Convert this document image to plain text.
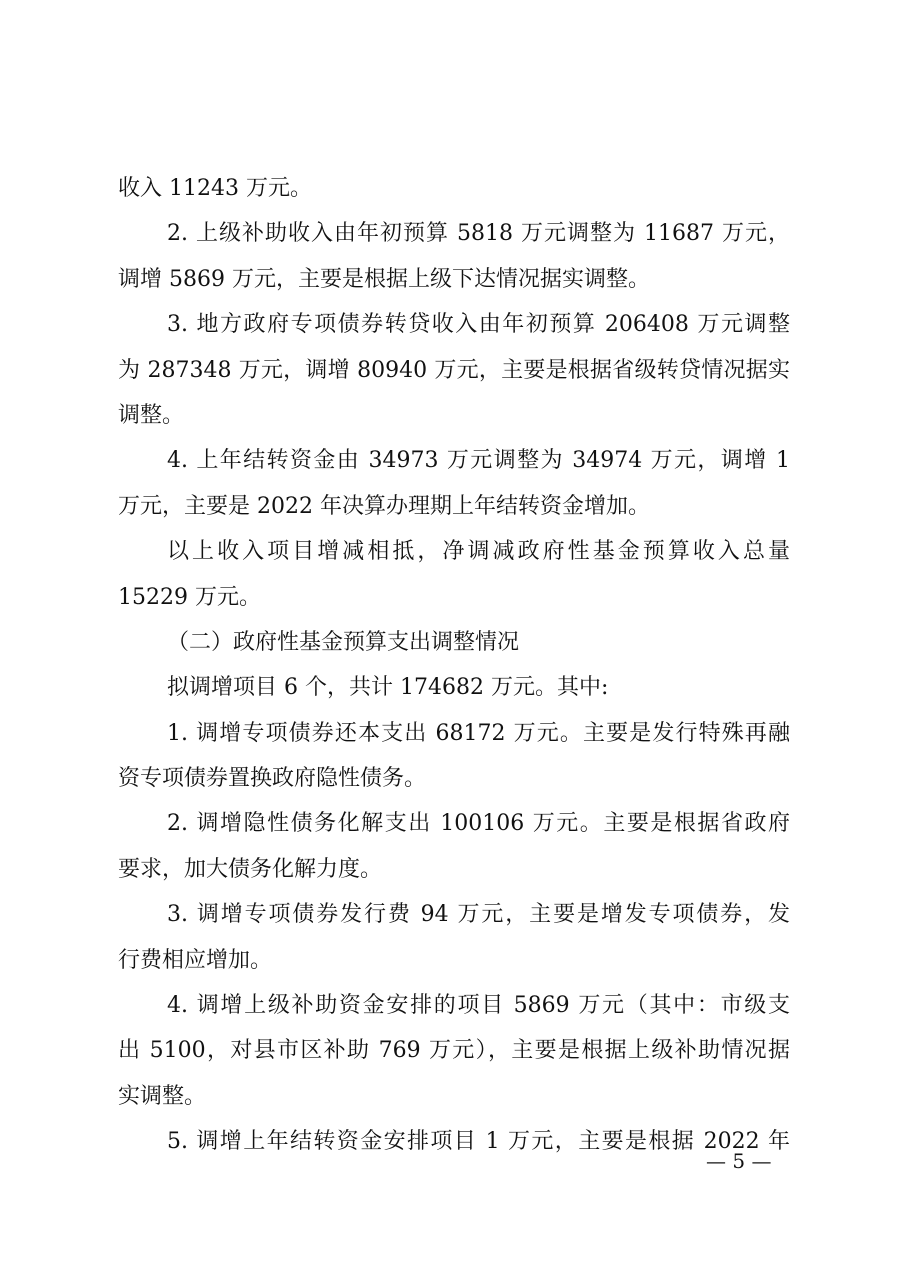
收入 11243 万元。
2. 上级补助收入由年初预算 5818 万元调整为 11687 万元，
调增 5869 万元，主要是根据上级下达情况据实调整。
3. 地方政府专项债券转贷收入由年初预算 206408 万元调整
为 287348 万元，调增 80940 万元，主要是根据省级转贷情况据实
调整。
4. 上年结转资金由 34973 万元调整为 34974 万元，调增 1
万元，主要是 2022 年决算办理期上年结转资金增加。
以上收入项目增减相抵，净调减政府性基金预算收入总量
15229 万元。
（二）政府性基金预算支出调整情况
拟调增项目 6 个，共计 174682 万元。其中:
1. 调增专项债券还本支出 68172 万元。主要是发行特殊再融
资专项债券置换政府隐性债务。
2. 调增隐性债务化解支出 100106 万元。主要是根据省政府
要求，加大债务化解力度。
3. 调增专项债券发行费 94 万元，主要是增发专项债券，发
行费相应增加。
4. 调增上级补助资金安排的项目 5869 万元（其中：市级支
出 5100，对县市区补助 769 万元），主要是根据上级补助情况据
实调整。
5. 调增上年结转资金安排项目 1 万元，主要是根据 2022 年
— 5 —
